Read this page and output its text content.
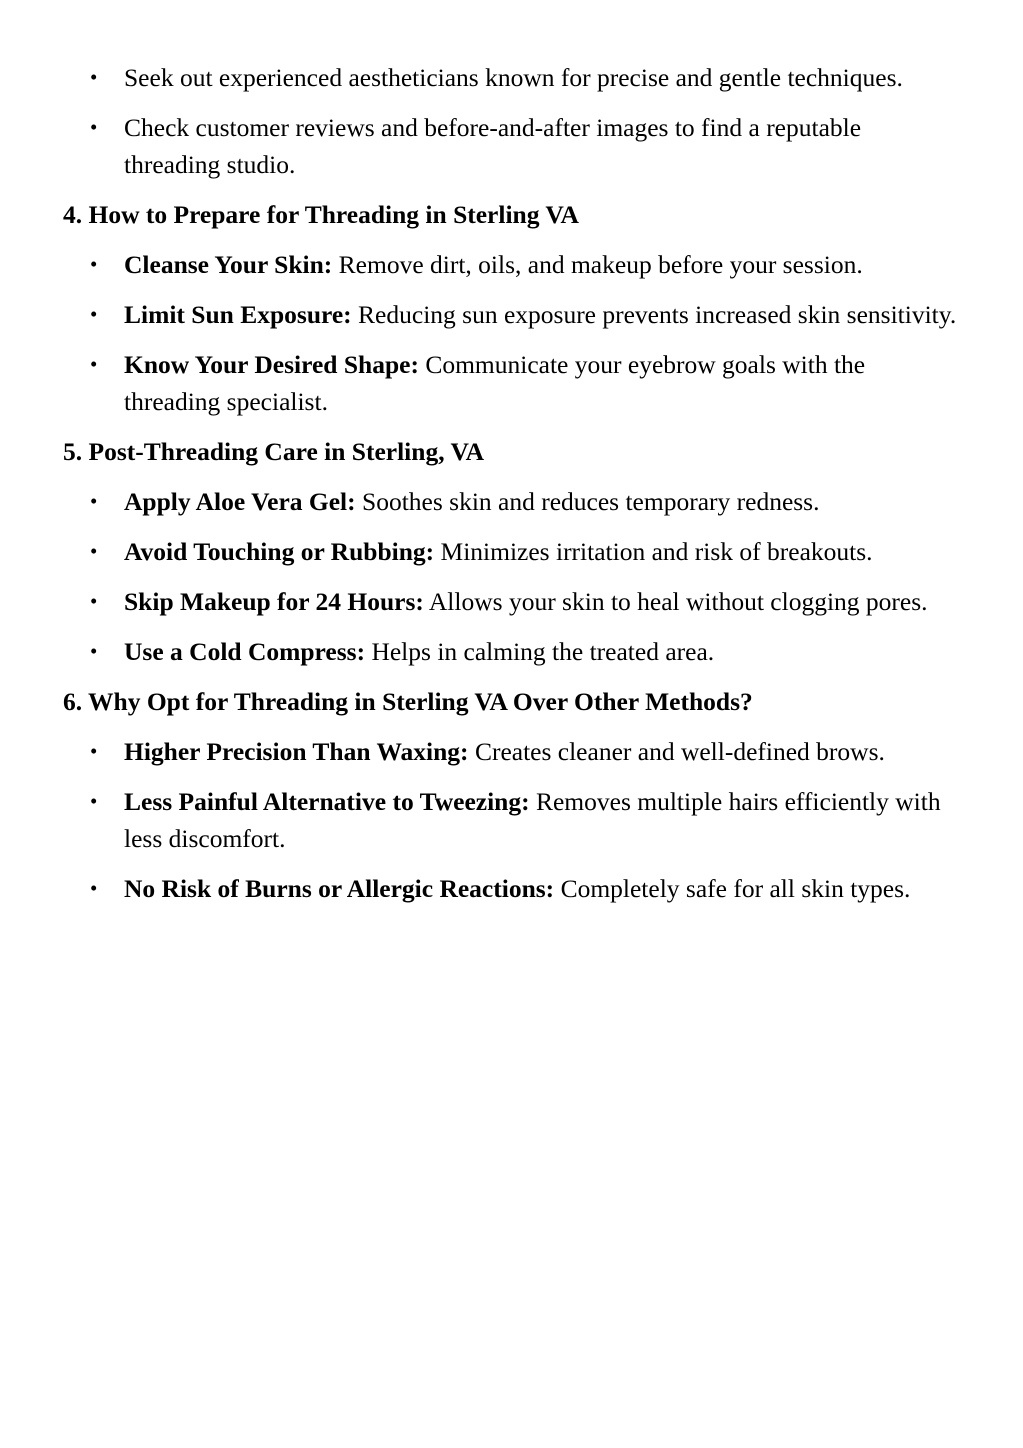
• Seek out experienced aestheticians known for precise and gentle techniques.
• Check customer reviews and before-and-after images to find a reputable threading studio.
4. How to Prepare for Threading in Sterling VA
• Cleanse Your Skin: Remove dirt, oils, and makeup before your session.
• Limit Sun Exposure: Reducing sun exposure prevents increased skin sensitivity.
• Know Your Desired Shape: Communicate your eyebrow goals with the threading specialist.
5. Post-Threading Care in Sterling, VA
• Apply Aloe Vera Gel: Soothes skin and reduces temporary redness.
• Avoid Touching or Rubbing: Minimizes irritation and risk of breakouts.
• Skip Makeup for 24 Hours: Allows your skin to heal without clogging pores.
• Use a Cold Compress: Helps in calming the treated area.
6. Why Opt for Threading in Sterling VA Over Other Methods?
• Higher Precision Than Waxing: Creates cleaner and well-defined brows.
• Less Painful Alternative to Tweezing: Removes multiple hairs efficiently with less discomfort.
• No Risk of Burns or Allergic Reactions: Completely safe for all skin types.
